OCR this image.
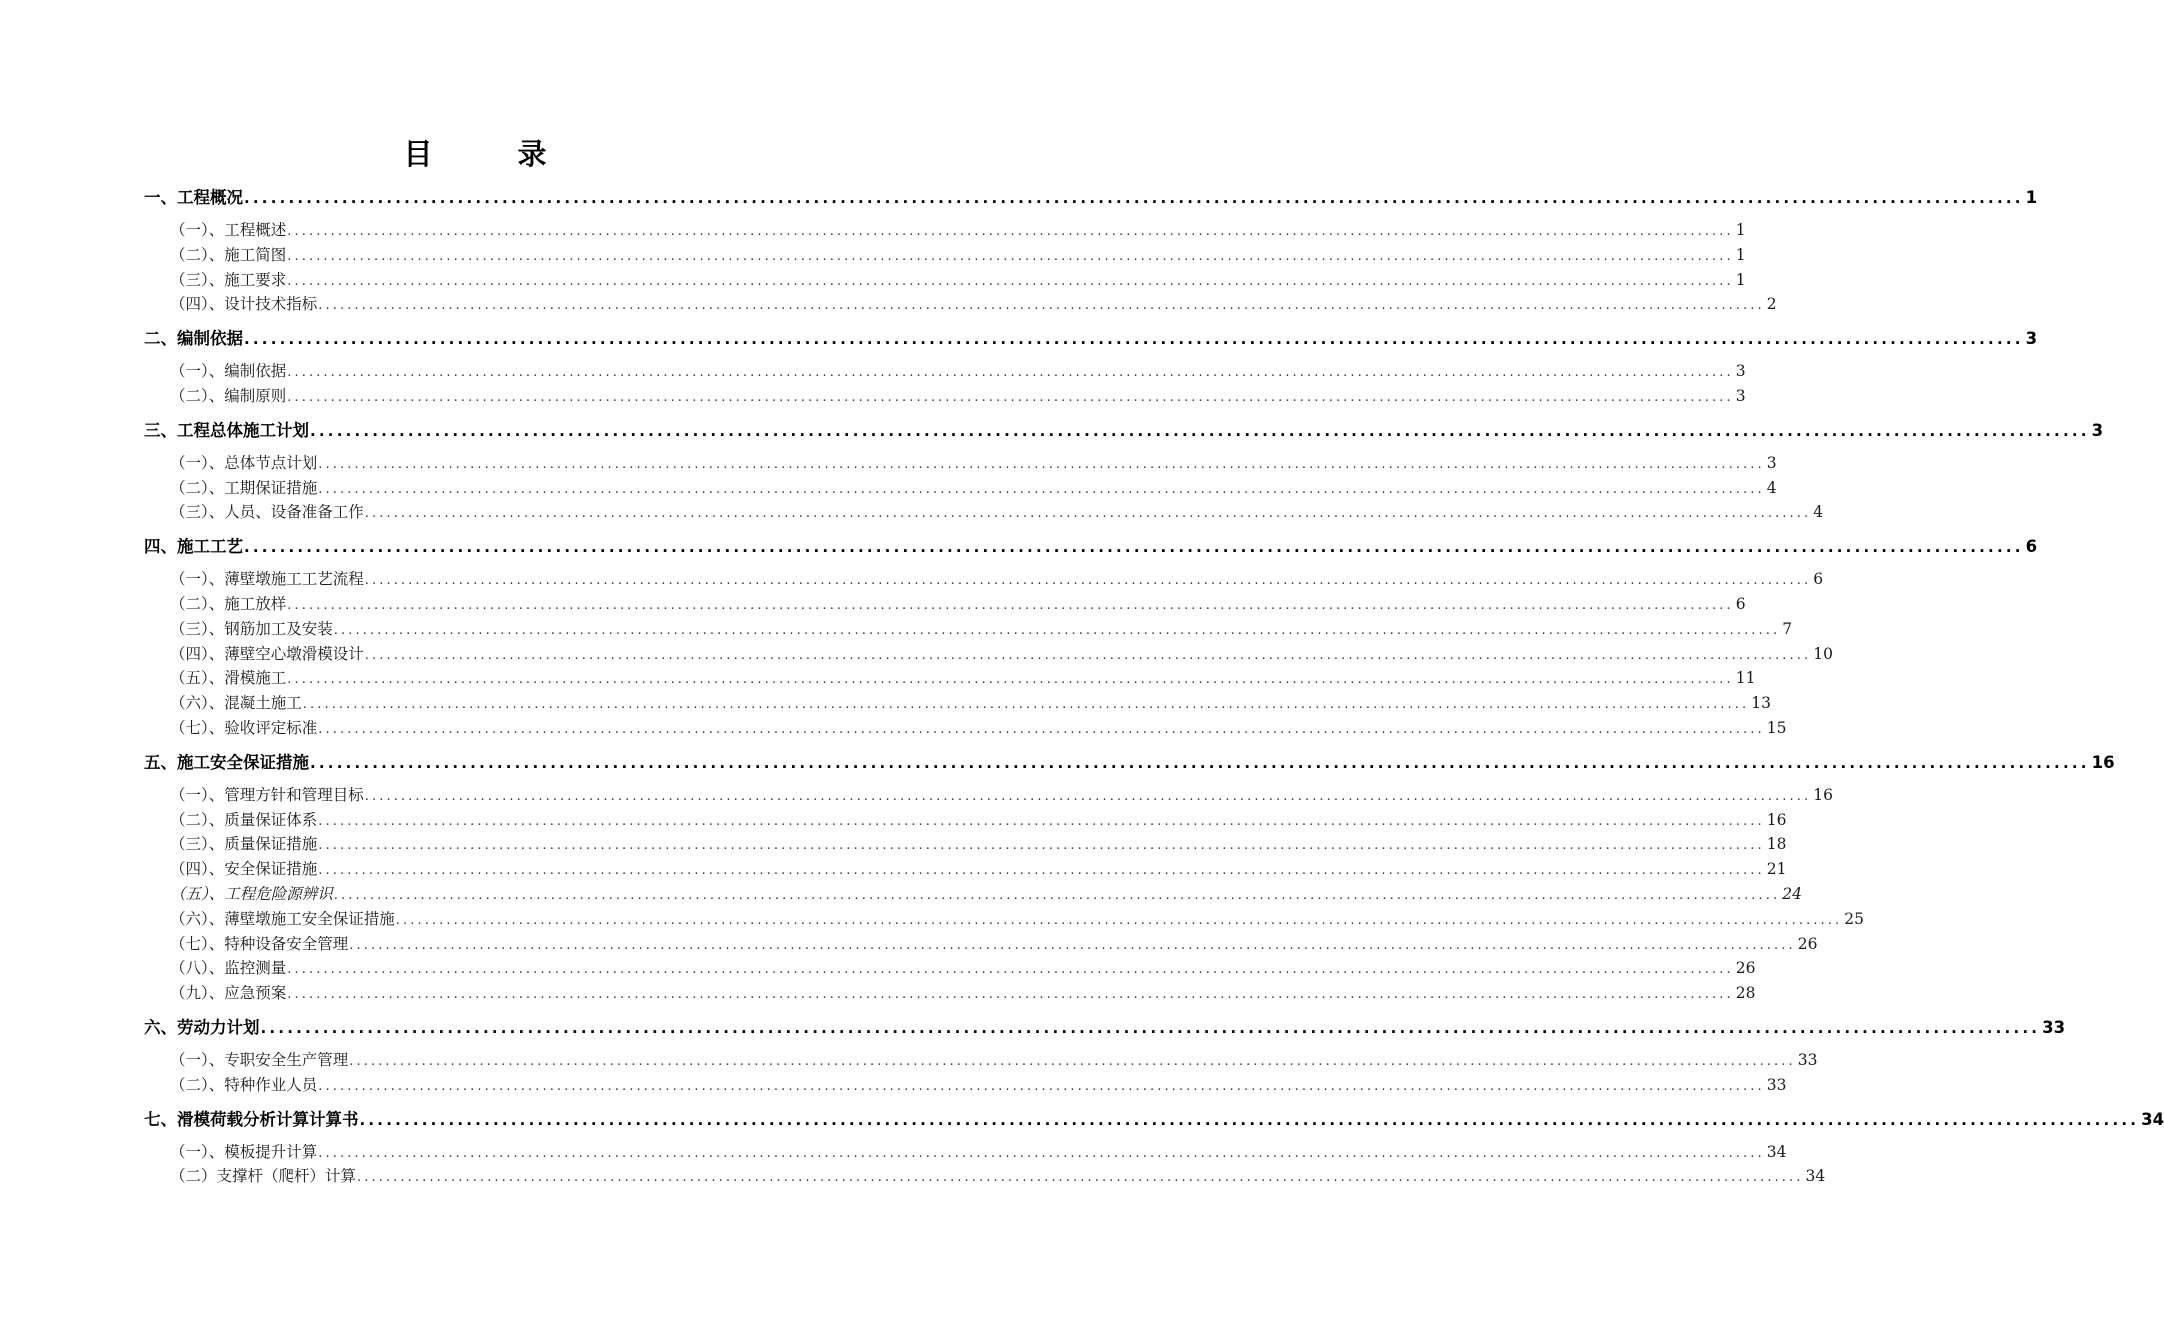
目　录
一、工程概况 ........................................................................................................................................................................................................ 1
（一）、工程概述 ........................................................................................................................................................................................................ 1
（二）、施工简图 ........................................................................................................................................................................................................ 1
（三）、施工要求 ........................................................................................................................................................................................................ 1
（四）、设计技术指标 ........................................................................................................................................................................................................ 2
二、编制依据 ........................................................................................................................................................................................................ 3
（一）、编制依据 ........................................................................................................................................................................................................ 3
（二）、编制原则 ........................................................................................................................................................................................................ 3
三、工程总体施工计划 ........................................................................................................................................................................................................ 3
（一）、总体节点计划 ........................................................................................................................................................................................................ 3
（二）、工期保证措施 ........................................................................................................................................................................................................ 4
（三）、人员、设备准备工作 ........................................................................................................................................................................................................ 4
四、施工工艺 ........................................................................................................................................................................................................ 6
（一）、薄壁墩施工工艺流程 ........................................................................................................................................................................................................ 6
（二）、施工放样 ........................................................................................................................................................................................................ 6
（三）、钢筋加工及安装 ........................................................................................................................................................................................................ 7
（四）、薄壁空心墩滑模设计 ........................................................................................................................................................................................................ 10
（五）、滑模施工 ........................................................................................................................................................................................................ 11
（六）、混凝土施工 ........................................................................................................................................................................................................ 13
（七）、验收评定标准 ........................................................................................................................................................................................................ 15
五、施工安全保证措施 ........................................................................................................................................................................................................ 16
（一）、管理方针和管理目标 ........................................................................................................................................................................................................ 16
（二）、质量保证体系 ........................................................................................................................................................................................................ 16
（三）、质量保证措施 ........................................................................................................................................................................................................ 18
（四）、安全保证措施 ........................................................................................................................................................................................................ 21
（五）、工程危险源辨识 ........................................................................................................................................................................................................ 24
（六）、薄壁墩施工安全保证措施 ........................................................................................................................................................................................................ 25
（七）、特种设备安全管理 ........................................................................................................................................................................................................ 26
（八）、监控测量 ........................................................................................................................................................................................................ 26
（九）、应急预案 ........................................................................................................................................................................................................ 28
六、劳动力计划 ........................................................................................................................................................................................................ 33
（一）、专职安全生产管理 ........................................................................................................................................................................................................ 33
（二）、特种作业人员 ........................................................................................................................................................................................................ 33
七、滑模荷载分析计算计算书 ........................................................................................................................................................................................................ 34
（一）、模板提升计算 ........................................................................................................................................................................................................ 34
（二）支撑杆（爬杆）计算 ........................................................................................................................................................................................................ 34
